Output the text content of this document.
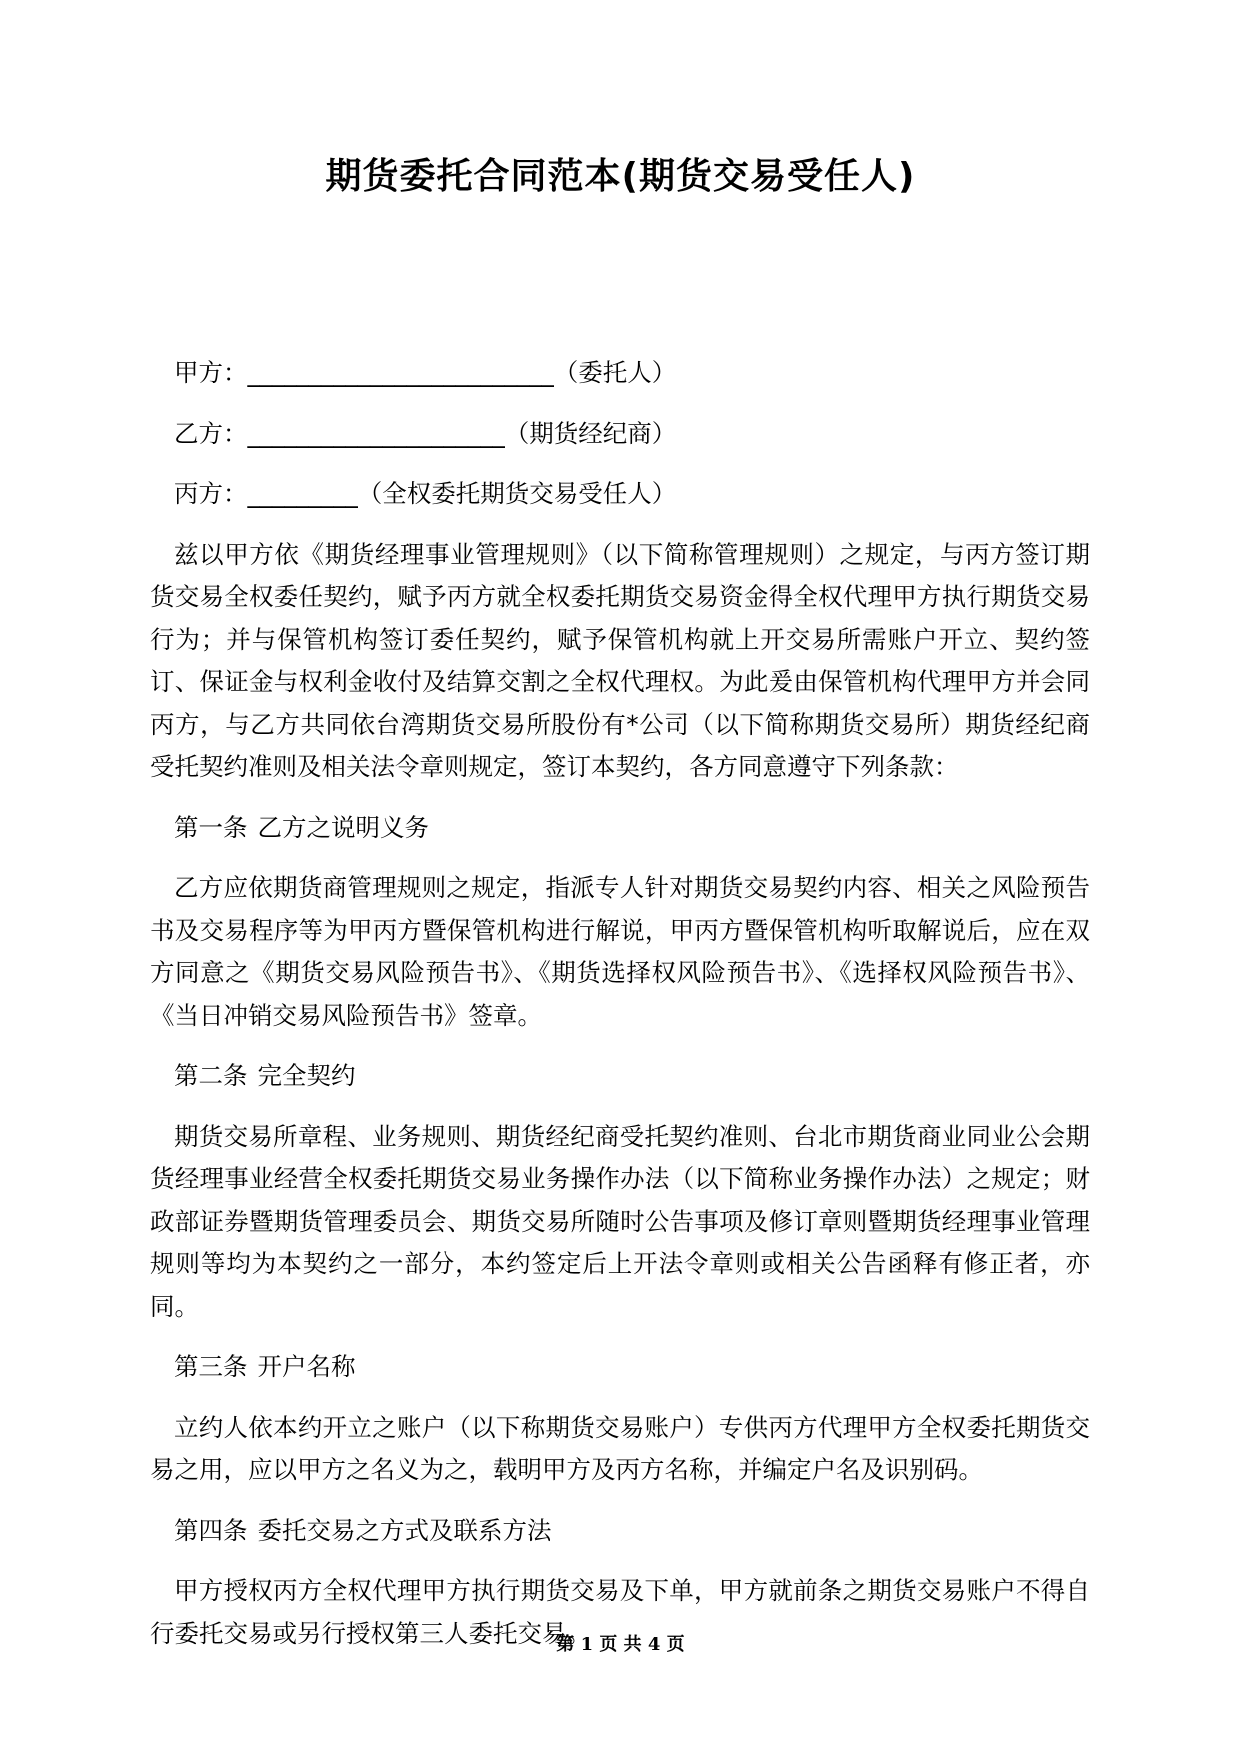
期货委托合同范本(期货交易受任人)
甲方：_________________________（委托人）
乙方：_____________________（期货经纪商）
丙方：_________（全权委托期货交易受任人）
兹以甲方依《期货经理事业管理规则》（以下简称管理规则）之规定，与丙方签订期货交易全权委任契约，赋予丙方就全权委托期货交易资金得全权代理甲方执行期货交易行为；并与保管机构签订委任契约，赋予保管机构就上开交易所需账户开立、契约签订、保证金与权利金收付及结算交割之全权代理权。为此爰由保管机构代理甲方并会同丙方，与乙方共同依台湾期货交易所股份有*公司（以下简称期货交易所）期货经纪商受托契约准则及相关法令章则规定，签订本契约，各方同意遵守下列条款：
第一条 乙方之说明义务
乙方应依期货商管理规则之规定，指派专人针对期货交易契约内容、相关之风险预告书及交易程序等为甲丙方暨保管机构进行解说，甲丙方暨保管机构听取解说后，应在双方同意之《期货交易风险预告书》、《期货选择权风险预告书》、《选择权风险预告书》、《当日冲销交易风险预告书》签章。
第二条 完全契约
期货交易所章程、业务规则、期货经纪商受托契约准则、台北市期货商业同业公会期货经理事业经营全权委托期货交易业务操作办法（以下简称业务操作办法）之规定；财政部证券暨期货管理委员会、期货交易所随时公告事项及修订章则暨期货经理事业管理规则等均为本契约之一部分，本约签定后上开法令章则或相关公告函释有修正者，亦同。
第三条 开户名称
立约人依本约开立之账户（以下称期货交易账户）专供丙方代理甲方全权委托期货交易之用，应以甲方之名义为之，载明甲方及丙方名称，并编定户名及识别码。
第四条 委托交易之方式及联系方法
甲方授权丙方全权代理甲方执行期货交易及下单，甲方就前条之期货交易账户不得自行委托交易或另行授权第三人委托交易。
第 1 页 共 4 页
